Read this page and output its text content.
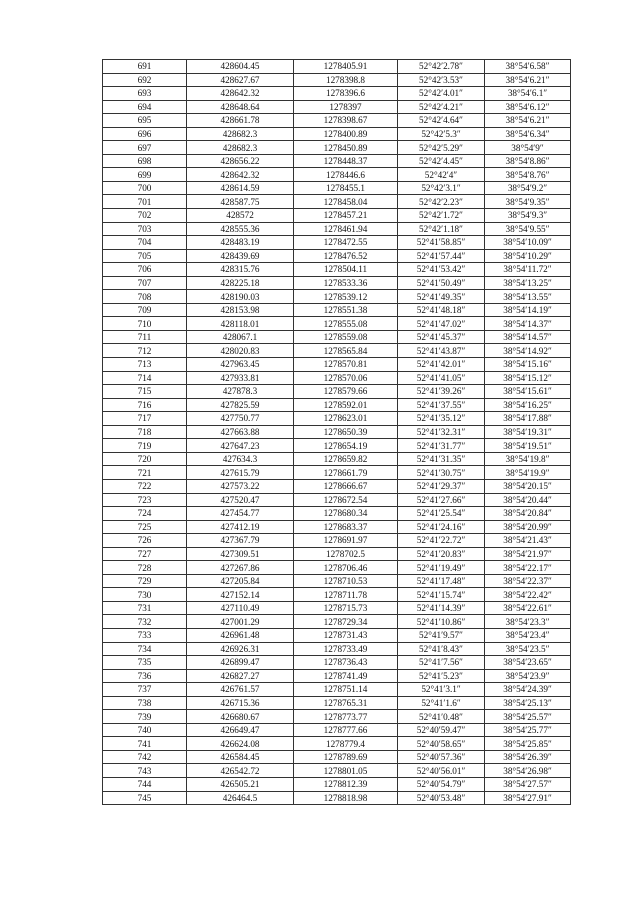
691	428604.45	1278405.91	52°42′2.78″	38°54′6.58″
692	428627.67	1278398.8	52°42′3.53″	38°54′6.21″
693	428642.32	1278396.6	52°42′4.01″	38°54′6.1″
694	428648.64	1278397	52°42′4.21″	38°54′6.12″
695	428661.78	1278398.67	52°42′4.64″	38°54′6.21″
696	428682.3	1278400.89	52°42′5.3″	38°54′6.34″
697	428682.3	1278450.89	52°42′5.29″	38°54′9″
698	428656.22	1278448.37	52°42′4.45″	38°54′8.86″
699	428642.32	1278446.6	52°42′4″	38°54′8.76″
700	428614.59	1278455.1	52°42′3.1″	38°54′9.2″
701	428587.75	1278458.04	52°42′2.23″	38°54′9.35″
702	428572	1278457.21	52°42′1.72″	38°54′9.3″
703	428555.36	1278461.94	52°42′1.18″	38°54′9.55″
704	428483.19	1278472.55	52°41′58.85″	38°54′10.09″
705	428439.69	1278476.52	52°41′57.44″	38°54′10.29″
706	428315.76	1278504.11	52°41′53.42″	38°54′11.72″
707	428225.18	1278533.36	52°41′50.49″	38°54′13.25″
708	428190.03	1278539.12	52°41′49.35″	38°54′13.55″
709	428153.98	1278551.38	52°41′48.18″	38°54′14.19″
710	428118.01	1278555.08	52°41′47.02″	38°54′14.37″
711	428067.1	1278559.08	52°41′45.37″	38°54′14.57″
712	428020.83	1278565.84	52°41′43.87″	38°54′14.92″
713	427963.45	1278570.81	52°41′42.01″	38°54′15.16″
714	427933.81	1278570.06	52°41′41.05″	38°54′15.12″
715	427878.3	1278579.66	52°41′39.26″	38°54′15.61″
716	427825.59	1278592.01	52°41′37.55″	38°54′16.25″
717	427750.77	1278623.01	52°41′35.12″	38°54′17.88″
718	427663.88	1278650.39	52°41′32.31″	38°54′19.31″
719	427647.23	1278654.19	52°41′31.77″	38°54′19.51″
720	427634.3	1278659.82	52°41′31.35″	38°54′19.8″
721	427615.79	1278661.79	52°41′30.75″	38°54′19.9″
722	427573.22	1278666.67	52°41′29.37″	38°54′20.15″
723	427520.47	1278672.54	52°41′27.66″	38°54′20.44″
724	427454.77	1278680.34	52°41′25.54″	38°54′20.84″
725	427412.19	1278683.37	52°41′24.16″	38°54′20.99″
726	427367.79	1278691.97	52°41′22.72″	38°54′21.43″
727	427309.51	1278702.5	52°41′20.83″	38°54′21.97″
728	427267.86	1278706.46	52°41′19.49″	38°54′22.17″
729	427205.84	1278710.53	52°41′17.48″	38°54′22.37″
730	427152.14	1278711.78	52°41′15.74″	38°54′22.42″
731	427110.49	1278715.73	52°41′14.39″	38°54′22.61″
732	427001.29	1278729.34	52°41′10.86″	38°54′23.3″
733	426961.48	1278731.43	52°41′9.57″	38°54′23.4″
734	426926.31	1278733.49	52°41′8.43″	38°54′23.5″
735	426899.47	1278736.43	52°41′7.56″	38°54′23.65″
736	426827.27	1278741.49	52°41′5.23″	38°54′23.9″
737	426761.57	1278751.14	52°41′3.1″	38°54′24.39″
738	426715.36	1278765.31	52°41′1.6″	38°54′25.13″
739	426680.67	1278773.77	52°41′0.48″	38°54′25.57″
740	426649.47	1278777.66	52°40′59.47″	38°54′25.77″
741	426624.08	1278779.4	52°40′58.65″	38°54′25.85″
742	426584.45	1278789.69	52°40′57.36″	38°54′26.39″
743	426542.72	1278801.05	52°40′56.01″	38°54′26.98″
744	426505.21	1278812.39	52°40′54.79″	38°54′27.57″
745	426464.5	1278818.98	52°40′53.48″	38°54′27.91″
